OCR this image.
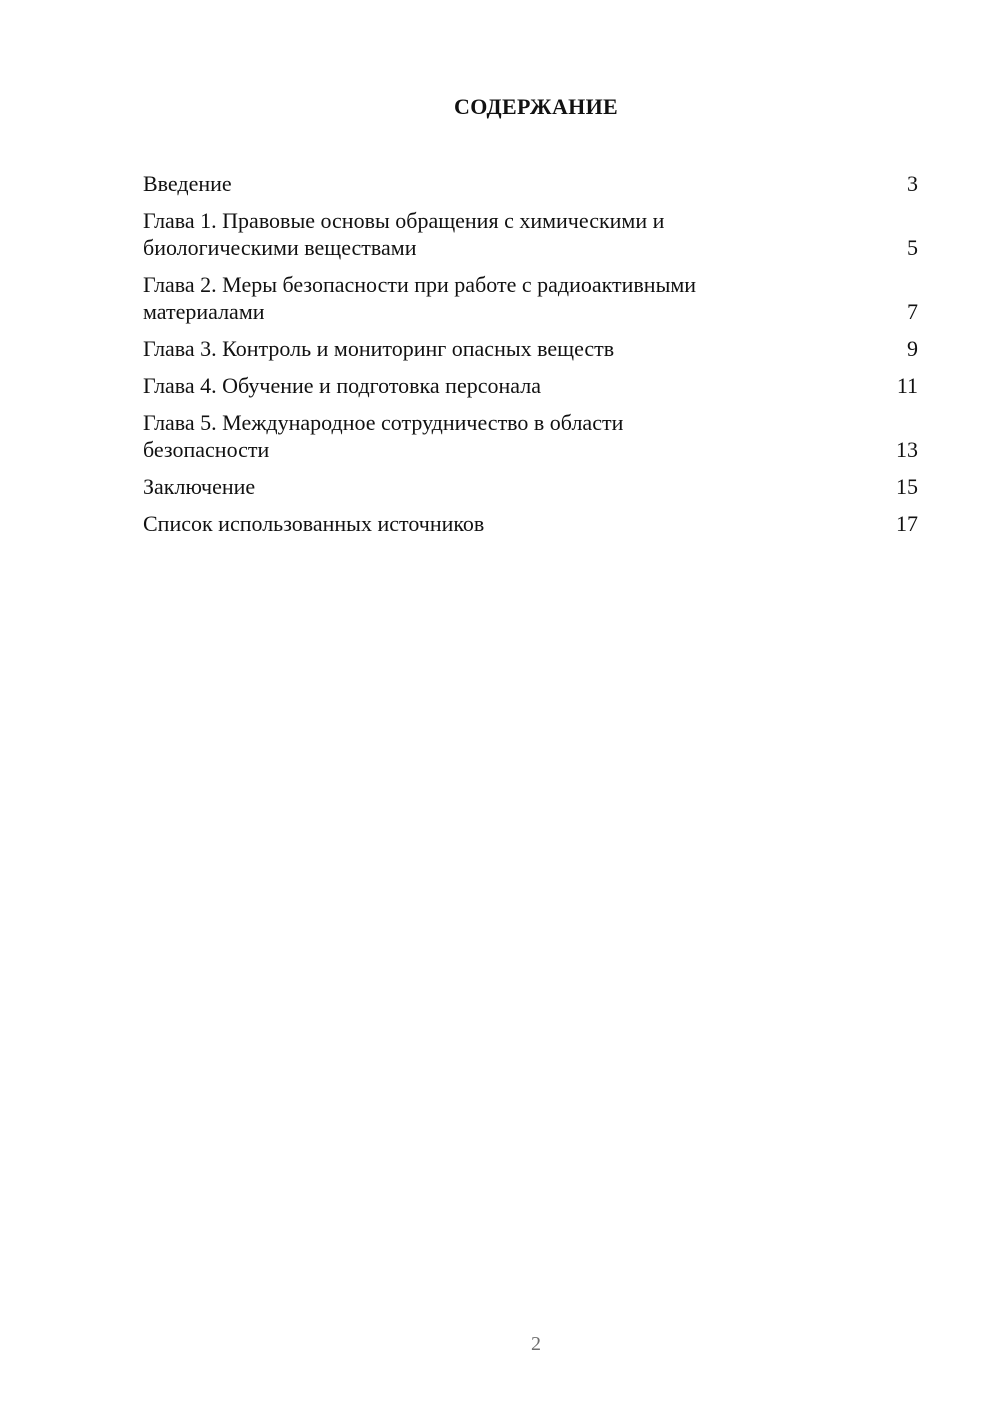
СОДЕРЖАНИЕ
Введение	3
Глава 1. Правовые основы обращения с химическими и
биологическими веществами	5
Глава 2. Меры безопасности при работе с радиоактивными
материалами	7
Глава 3. Контроль и мониторинг опасных веществ	9
Глава 4. Обучение и подготовка персонала	11
Глава 5. Международное сотрудничество в области
безопасности	13
Заключение	15
Список использованных источников	17
2
